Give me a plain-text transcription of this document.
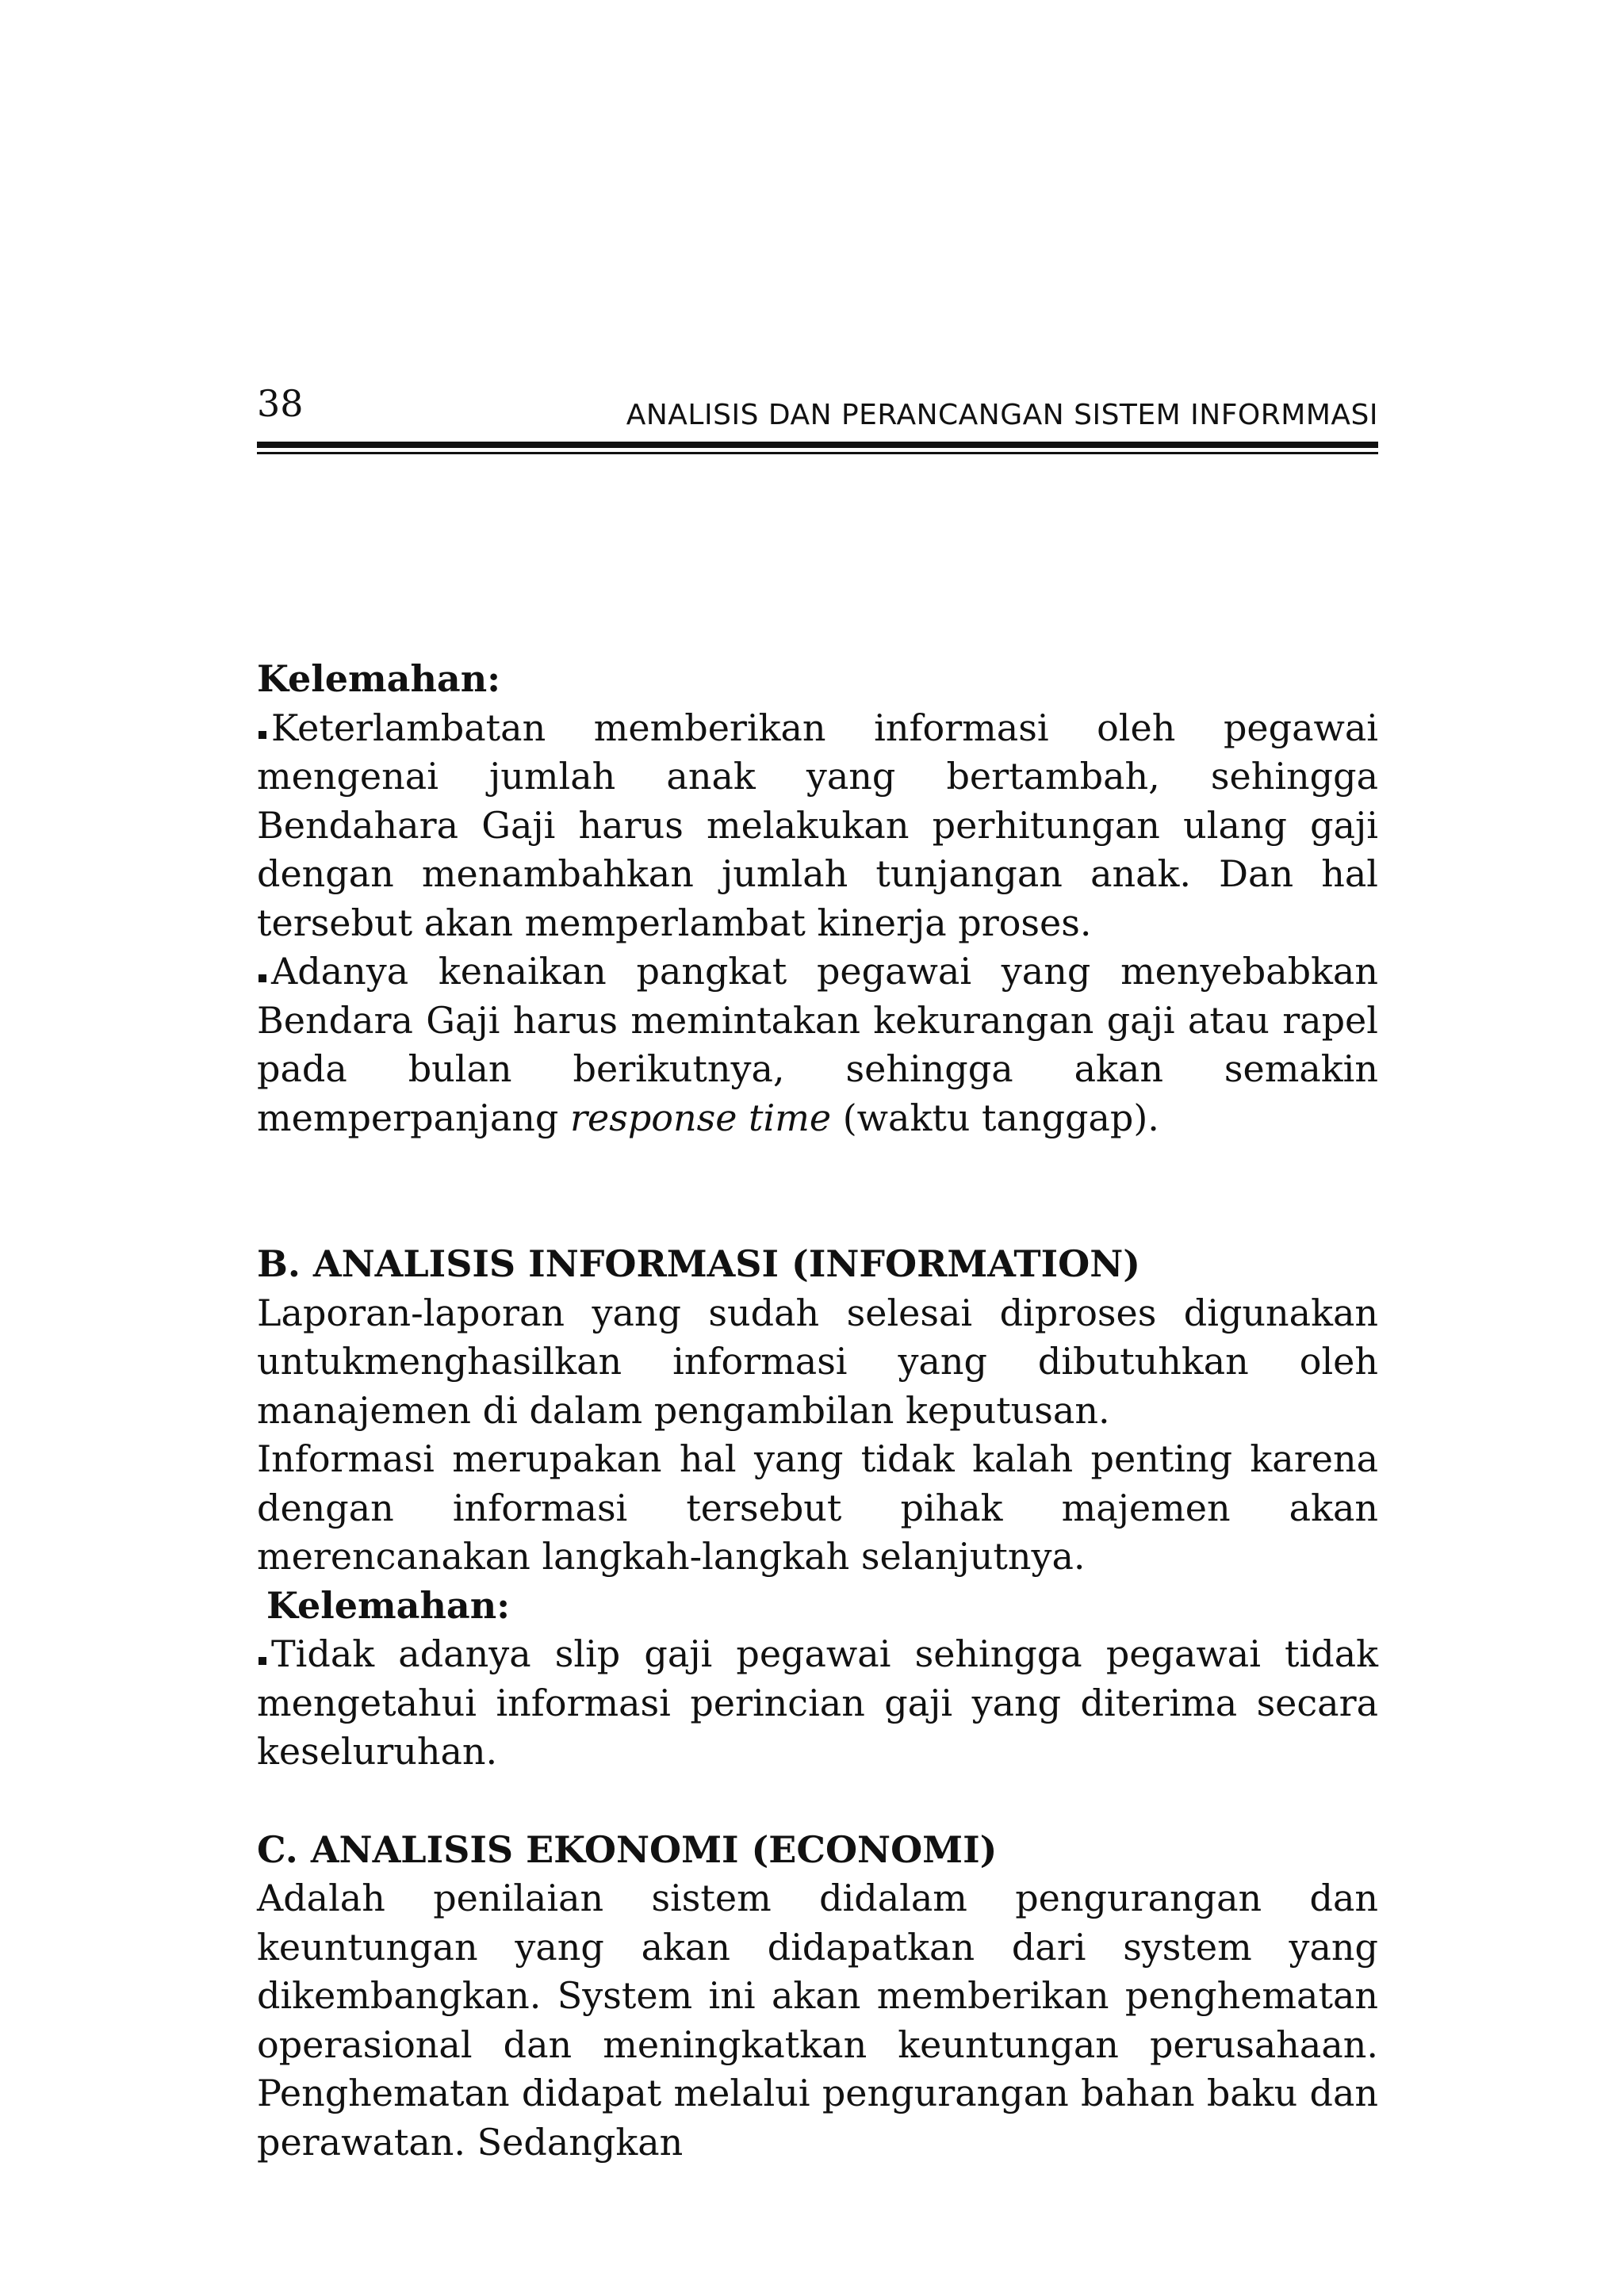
38	ANALISIS DAN PERANCANGAN SISTEM INFORMMASI

Kelemahan:

Keterlambatan memberikan informasi oleh pegawai mengenai jumlah anak yang bertambah, sehingga Bendahara Gaji harus melakukan perhitungan ulang gaji dengan menambahkan jumlah tunjangan anak. Dan hal tersebut akan memperlambat kinerja proses.

Adanya kenaikan pangkat pegawai yang menyebabkan Bendara Gaji harus memintakan kekurangan gaji atau rapel pada bulan berikutnya, sehingga akan semakin memperpanjang response time (waktu tanggap).

B. ANALISIS INFORMASI (INFORMATION)

Laporan-laporan yang sudah selesai diproses digunakan untukmenghasilkan informasi yang dibutuhkan oleh manajemen di dalam pengambilan keputusan.

Informasi merupakan hal yang tidak kalah penting karena dengan informasi tersebut pihak majemen akan merencanakan langkah-langkah selanjutnya.

Kelemahan:

Tidak adanya slip gaji pegawai sehingga pegawai tidak mengetahui informasi perincian gaji yang diterima secara keseluruhan.

C. ANALISIS EKONOMI (ECONOMI)

Adalah penilaian sistem didalam pengurangan dan keuntungan yang akan didapatkan dari system yang dikembangkan. System ini akan memberikan penghematan operasional dan meningkatkan keuntungan perusahaan. Penghematan didapat melalui pengurangan bahan baku dan perawatan. Sedangkan
